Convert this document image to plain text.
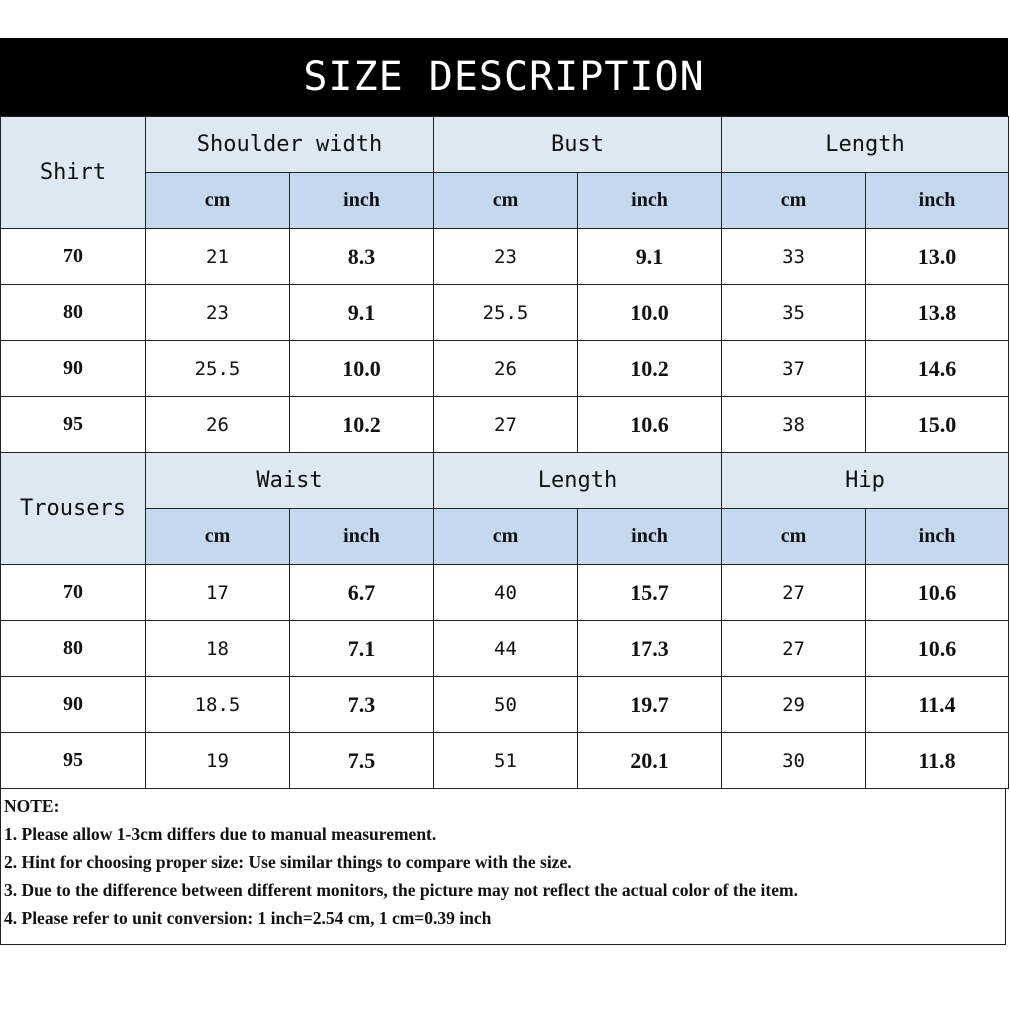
SIZE DESCRIPTION
Shirt	Shoulder width		Bust		Length	
	cm	inch	cm	inch	cm	inch
70	21	8.3	23	9.1	33	13.0
80	23	9.1	25.5	10.0	35	13.8
90	25.5	10.0	26	10.2	37	14.6
95	26	10.2	27	10.6	38	15.0
Trousers	Waist		Length		Hip	
	cm	inch	cm	inch	cm	inch
70	17	6.7	40	15.7	27	10.6
80	18	7.1	44	17.3	27	10.6
90	18.5	7.3	50	19.7	29	11.4
95	19	7.5	51	20.1	30	11.8
NOTE:
1. Please allow 1-3cm differs due to manual measurement.
2. Hint for choosing proper size: Use similar things to compare with the size.
3. Due to the difference between different monitors, the picture may not reflect the actual color of the item.
4. Please refer to unit conversion: 1 inch=2.54 cm, 1 cm=0.39 inch
